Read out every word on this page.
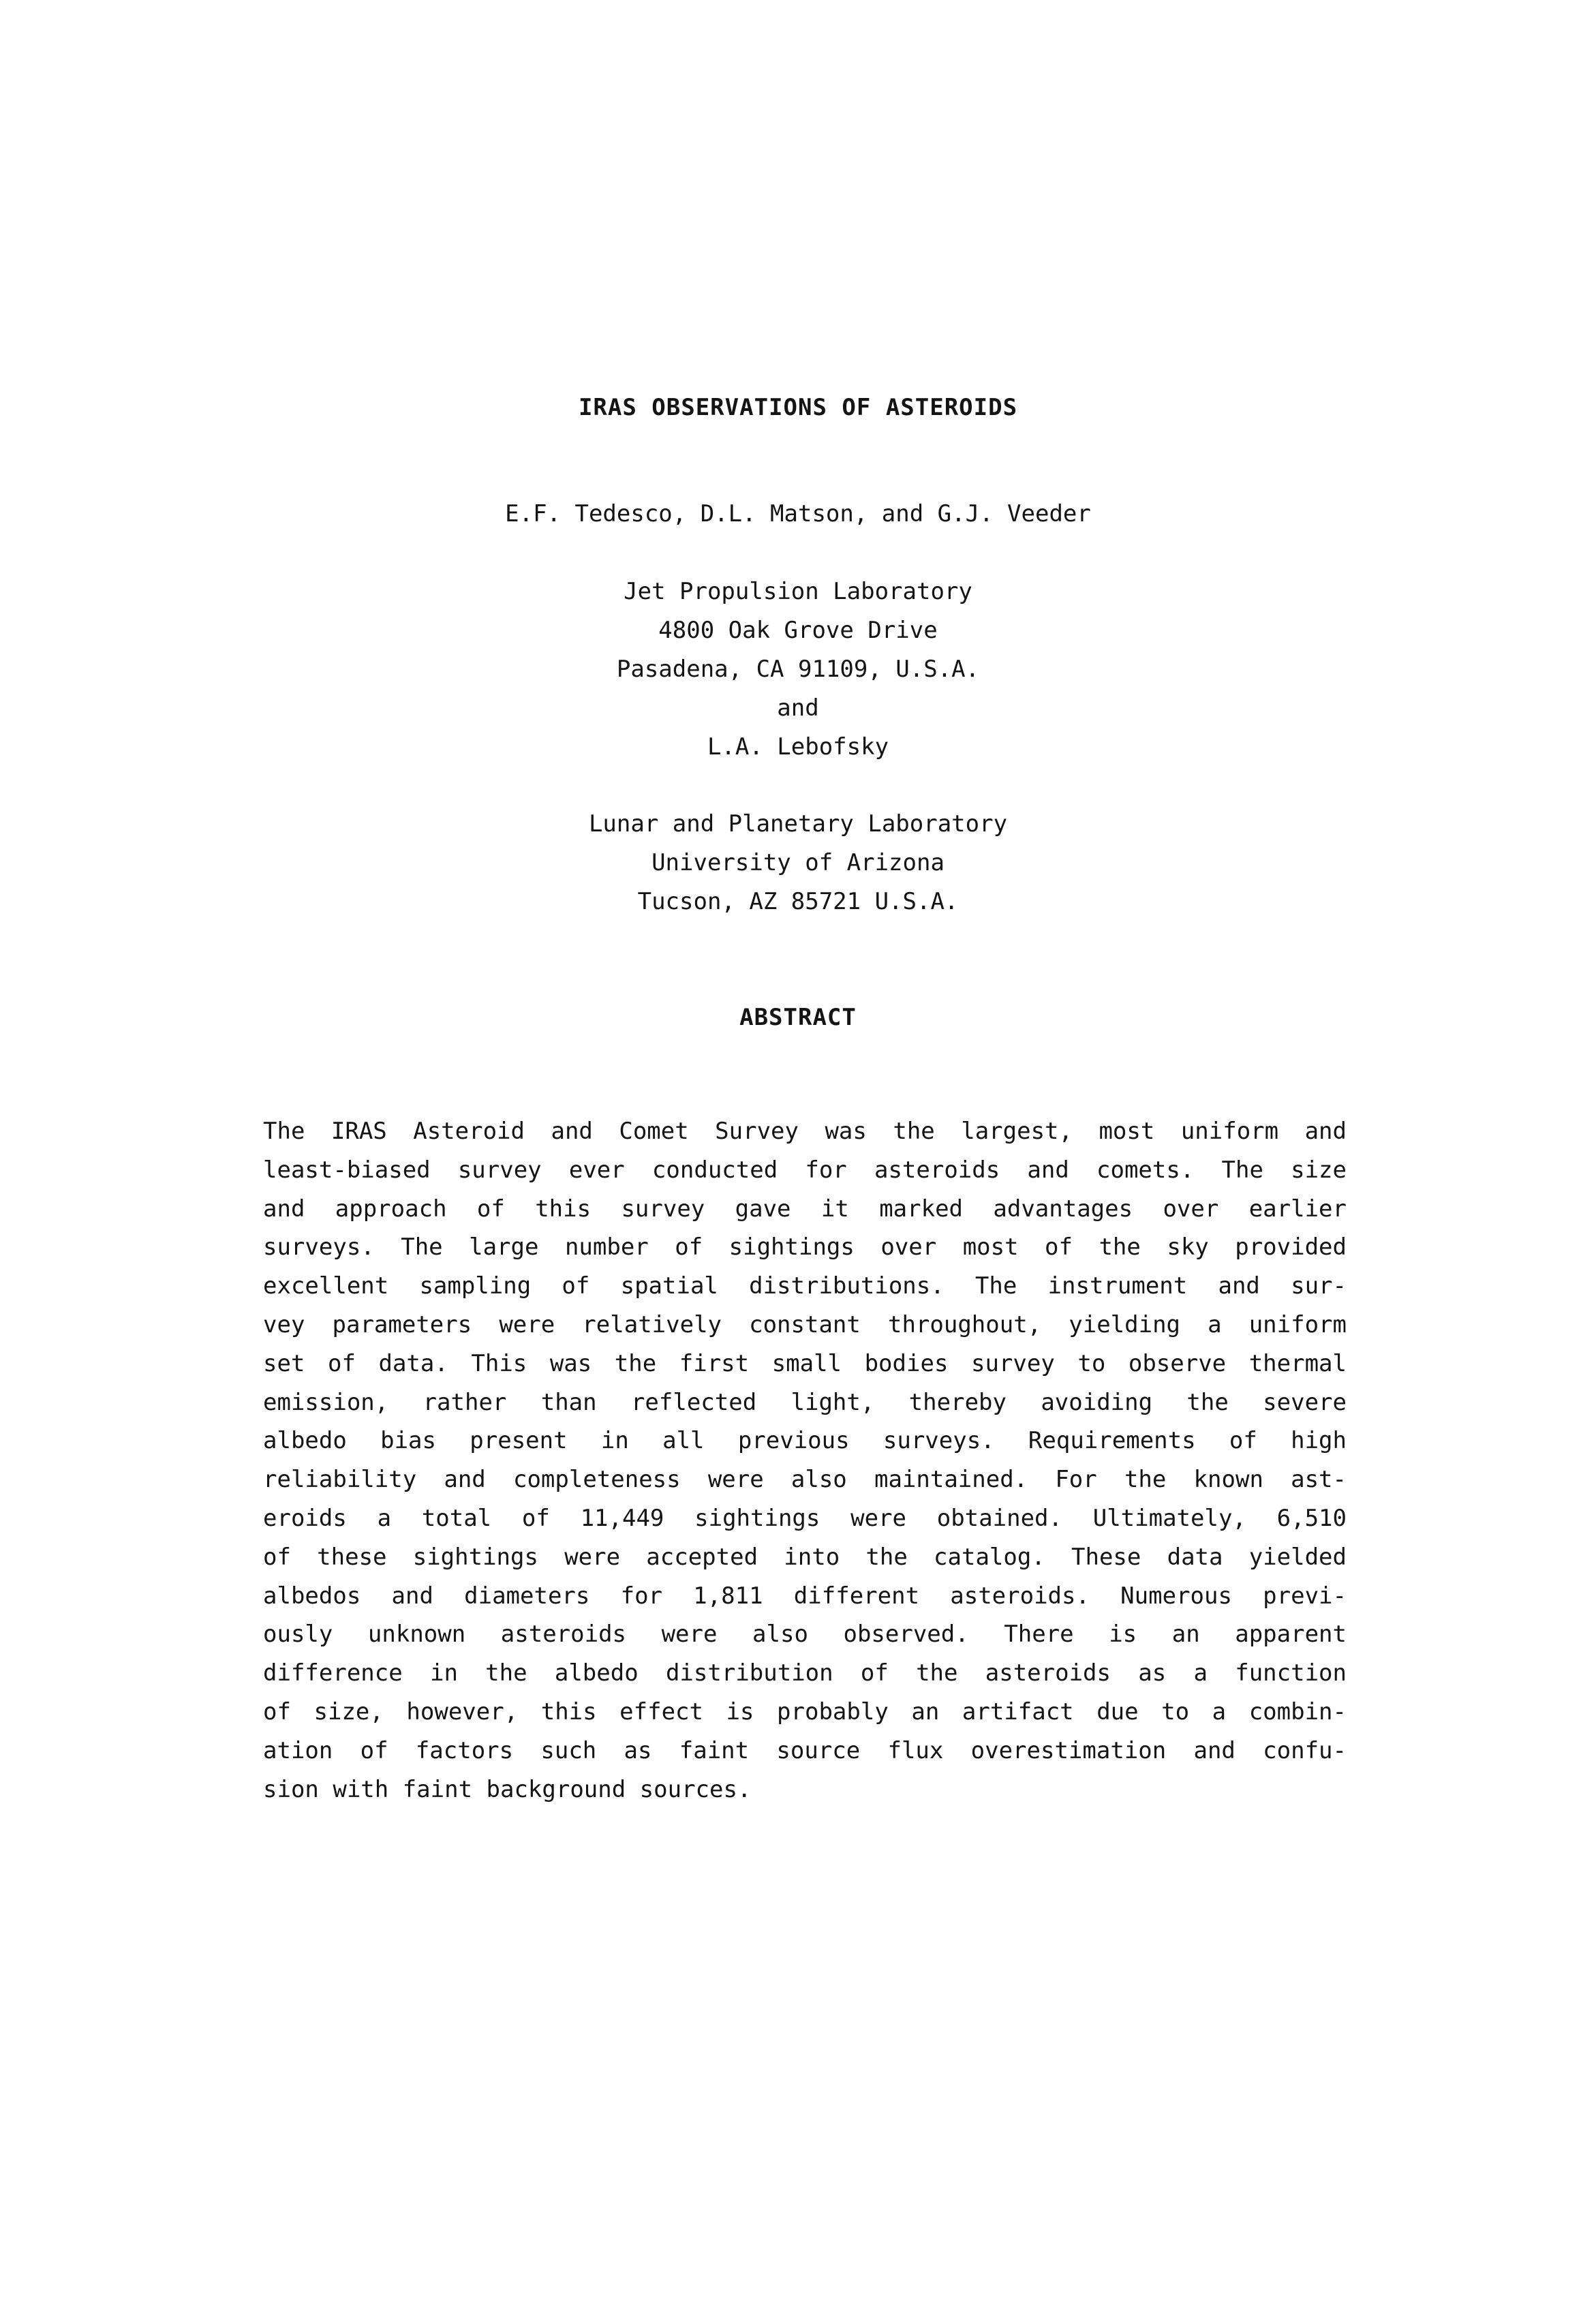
IRAS OBSERVATIONS OF ASTEROIDS
E.F. Tedesco, D.L. Matson, and G.J. Veeder
Jet Propulsion Laboratory
4800 Oak Grove Drive
Pasadena, CA 91109, U.S.A.
and
L.A. Lebofsky
Lunar and Planetary Laboratory
University of Arizona
Tucson, AZ 85721 U.S.A.
ABSTRACT
The IRAS Asteroid and Comet Survey was the largest, most uniform and
least-biased survey ever conducted for asteroids and comets. The size
and approach of this survey gave it marked advantages over earlier
surveys. The large number of sightings over most of the sky provided
excellent sampling of spatial distributions. The instrument and sur-
vey parameters were relatively constant throughout, yielding a uniform
set of data. This was the first small bodies survey to observe thermal
emission, rather than reflected light, thereby avoiding the severe
albedo bias present in all previous surveys. Requirements of high
reliability and completeness were also maintained. For the known ast-
eroids a total of 11,449 sightings were obtained. Ultimately, 6,510
of these sightings were accepted into the catalog. These data yielded
albedos and diameters for 1,811 different asteroids. Numerous previ-
ously unknown asteroids were also observed. There is an apparent
difference in the albedo distribution of the asteroids as a function
of size, however, this effect is probably an artifact due to a combin-
ation of factors such as faint source flux overestimation and confu-
sion with faint background sources.
